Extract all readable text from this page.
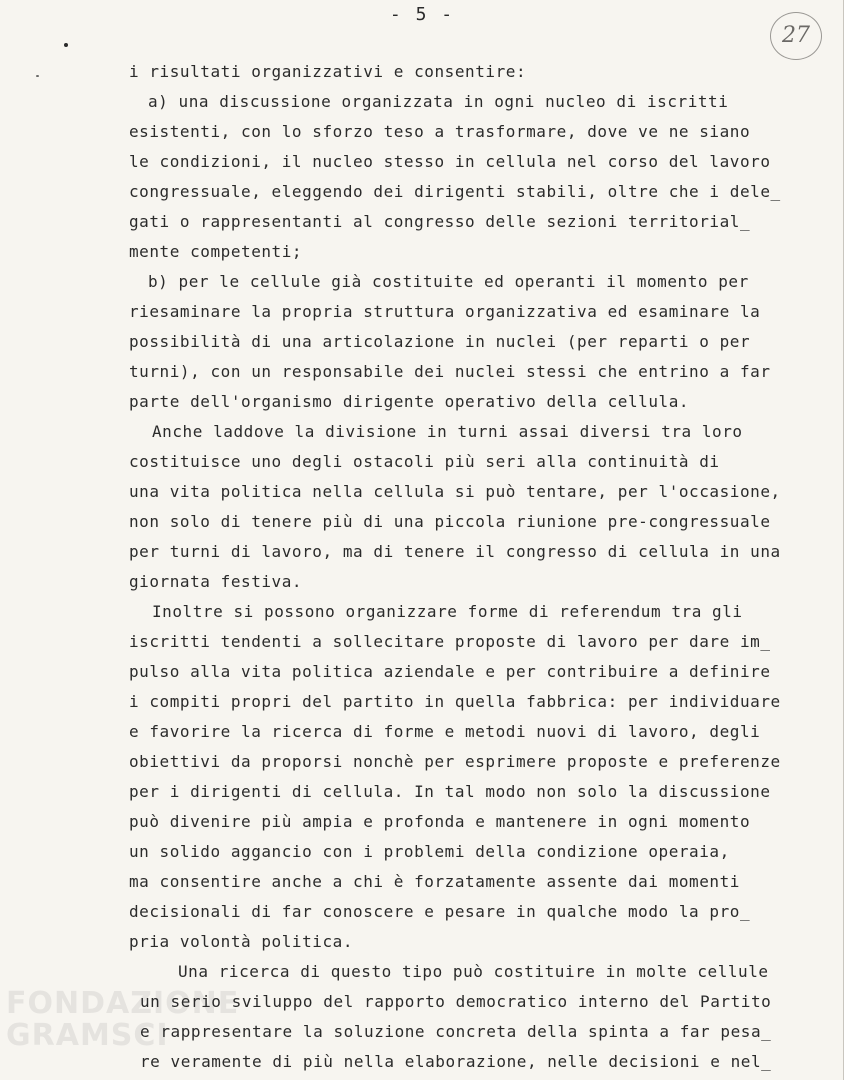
- 5 -
27
FONDAZIONE
GRAMSCI
i risultati organizzativi e consentire:
a) una discussione organizzata in ogni nucleo di iscritti
esistenti, con lo sforzo teso a trasformare, dove ve ne siano
le condizioni, il nucleo stesso in cellula nel corso del lavoro
congressuale, eleggendo dei dirigenti stabili, oltre che i dele_
gati o rappresentanti al congresso delle sezioni territorial_
mente competenti;
b) per le cellule già costituite ed operanti il momento per
riesaminare la propria struttura organizzativa ed esaminare la
possibilità di una articolazione in nuclei (per reparti o per
turni), con un responsabile dei nuclei stessi che entrino a far
parte dell'organismo dirigente operativo della cellula.
Anche laddove la divisione in turni assai diversi tra loro
costituisce uno degli ostacoli più seri alla continuità di
una vita politica nella cellula si può tentare, per l'occasione,
non solo di tenere più di una piccola riunione pre-congressuale
per turni di lavoro, ma di tenere il congresso di cellula in una
giornata festiva.
Inoltre si possono organizzare forme di referendum tra gli
iscritti tendenti a sollecitare proposte di lavoro per dare im_
pulso alla vita politica aziendale e per contribuire a definire
i compiti propri del partito in quella fabbrica: per individuare
e favorire la ricerca di forme e metodi nuovi di lavoro, degli
obiettivi da proporsi nonchè per esprimere proposte e preferenze
per i dirigenti di cellula. In tal modo non solo la discussione
può divenire più ampia e profonda e mantenere in ogni momento
un solido aggancio con i problemi della condizione operaia,
ma consentire anche a chi è forzatamente assente dai momenti
decisionali di far conoscere e pesare in qualche modo la pro_
pria volontà politica.
Una ricerca di questo tipo può costituire in molte cellule
un serio sviluppo del rapporto democratico interno del Partito
e rappresentare la soluzione concreta della spinta a far pesa_
re veramente di più nella elaborazione, nelle decisioni e nel_
